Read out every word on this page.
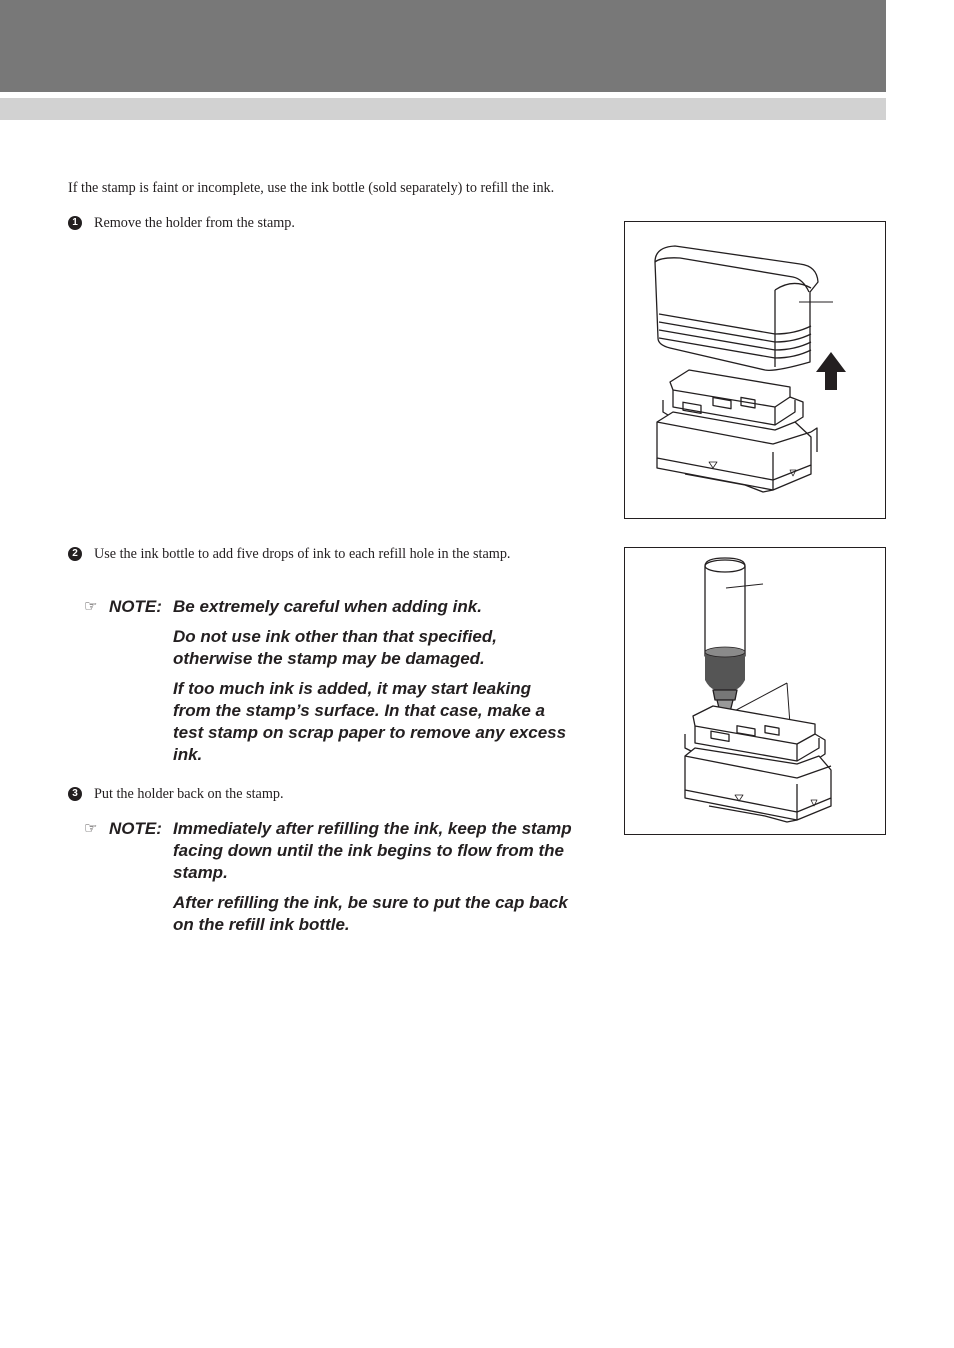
If the stamp is faint or incomplete, use the ink bottle (sold separately) to refill the ink.
1 Remove the holder from the stamp.
2 Use the ink bottle to add five drops of ink to each refill hole in the stamp.
☞ NOTE: Be extremely careful when adding ink.
Do not use ink other than that specified, otherwise the stamp may be damaged.
If too much ink is added, it may start leaking from the stamp’s surface. In that case, make a test stamp on scrap paper to remove any excess ink.
3 Put the holder back on the stamp.
☞ NOTE: Immediately after refilling the ink, keep the stamp facing down until the ink begins to flow from the stamp.
After refilling the ink, be sure to put the cap back on the refill ink bottle.
